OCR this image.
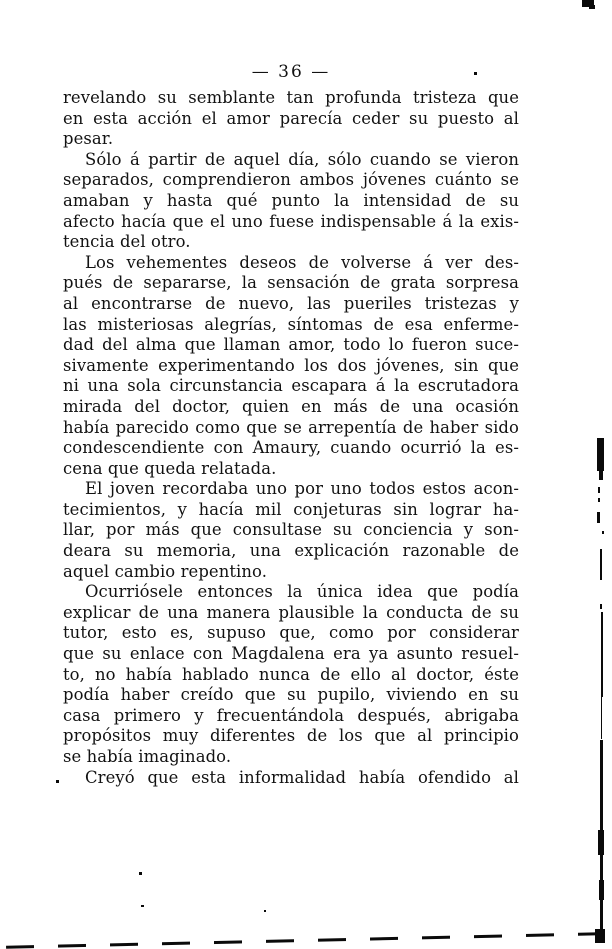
— 36 —
revelando su semblante tan profunda tristeza que
en esta acción el amor parecía ceder su puesto al
pesar.
Sólo á partir de aquel día, sólo cuando se vieron
separados, comprendieron ambos jóvenes cuánto se
amaban y hasta qué punto la intensidad de su
afecto hacía que el uno fuese indispensable á la exis-
tencia del otro.
Los vehementes deseos de volverse á ver des-
pués de separarse, la sensación de grata sorpresa
al encontrarse de nuevo, las pueriles tristezas y
las misteriosas alegrías, síntomas de esa enferme-
dad del alma que llaman amor, todo lo fueron suce-
sivamente experimentando los dos jóvenes, sin que
ni una sola circunstancia escapara á la escrutadora
mirada del doctor, quien en más de una ocasión
había parecido como que se arrepentía de haber sido
condescendiente con Amaury, cuando ocurrió la es-
cena que queda relatada.
El joven recordaba uno por uno todos estos acon-
tecimientos, y hacía mil conjeturas sin lograr ha-
llar, por más que consultase su conciencia y son-
deara su memoria, una explicación razonable de
aquel cambio repentino.
Ocurriósele entonces la única idea que podía
explicar de una manera plausible la conducta de su
tutor, esto es, supuso que, como por considerar
que su enlace con Magdalena era ya asunto resuel-
to, no había hablado nunca de ello al doctor, éste
podía haber creído que su pupilo, viviendo en su
casa primero y frecuentándola después, abrigaba
propósitos muy diferentes de los que al principio
se había imaginado.
Creyó que esta informalidad había ofendido al
